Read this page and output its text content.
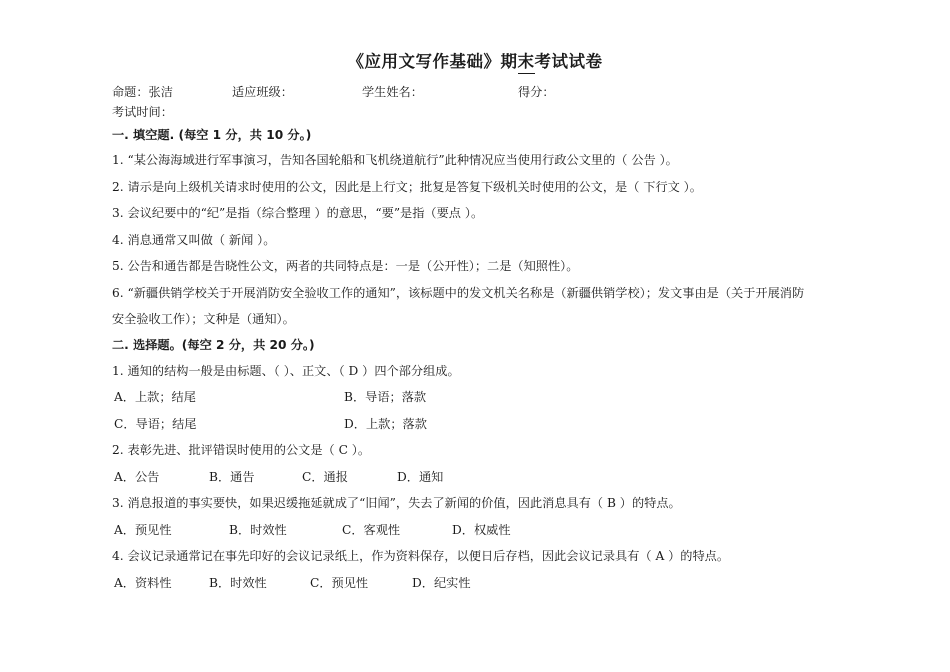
《应用文写作基础》期末考试试卷
命题：张洁	适应班级：	学生姓名：	得分：
考试时间：
一. 填空题. (每空 1 分，共 10 分。)
1. “某公海海域进行军事演习，告知各国轮船和飞机绕道航行”此种情况应当使用行政公文里的（ 公告 ）。
2. 请示是向上级机关请求时使用的公文，因此是上行文；批复是答复下级机关时使用的公文，是（ 下行文 ）。
3. 会议纪要中的“纪”是指（综合整理 ）的意思，“要”是指（要点 ）。
4. 消息通常又叫做（ 新闻 ）。
5. 公告和通告都是告晓性公文，两者的共同特点是：一是（公开性）；二是（知照性）。
6. “新疆供销学校关于开展消防安全验收工作的通知”，该标题中的发文机关名称是（新疆供销学校）；发文事由是（关于开展消防
安全验收工作）；文种是（通知）。
二. 选择题。(每空 2 分，共 20 分。)
1. 通知的结构一般是由标题、（ ）、正文、（ D ）四个部分组成。
A．上款；结尾	B．导语；落款
C．导语；结尾	D．上款；落款
2. 表彰先进、批评错误时使用的公文是（ C ）。
A．公告	B．通告	C．通报	D．通知
3. 消息报道的事实要快，如果迟缓拖延就成了“旧闻”，失去了新闻的价值，因此消息具有（ B ）的特点。
A．预见性	B．时效性	C．客观性	D．权威性
4. 会议记录通常记在事先印好的会议记录纸上，作为资料保存，以便日后存档，因此会议记录具有（ A ）的特点。
A．资料性	B．时效性	C．预见性	D．纪实性
